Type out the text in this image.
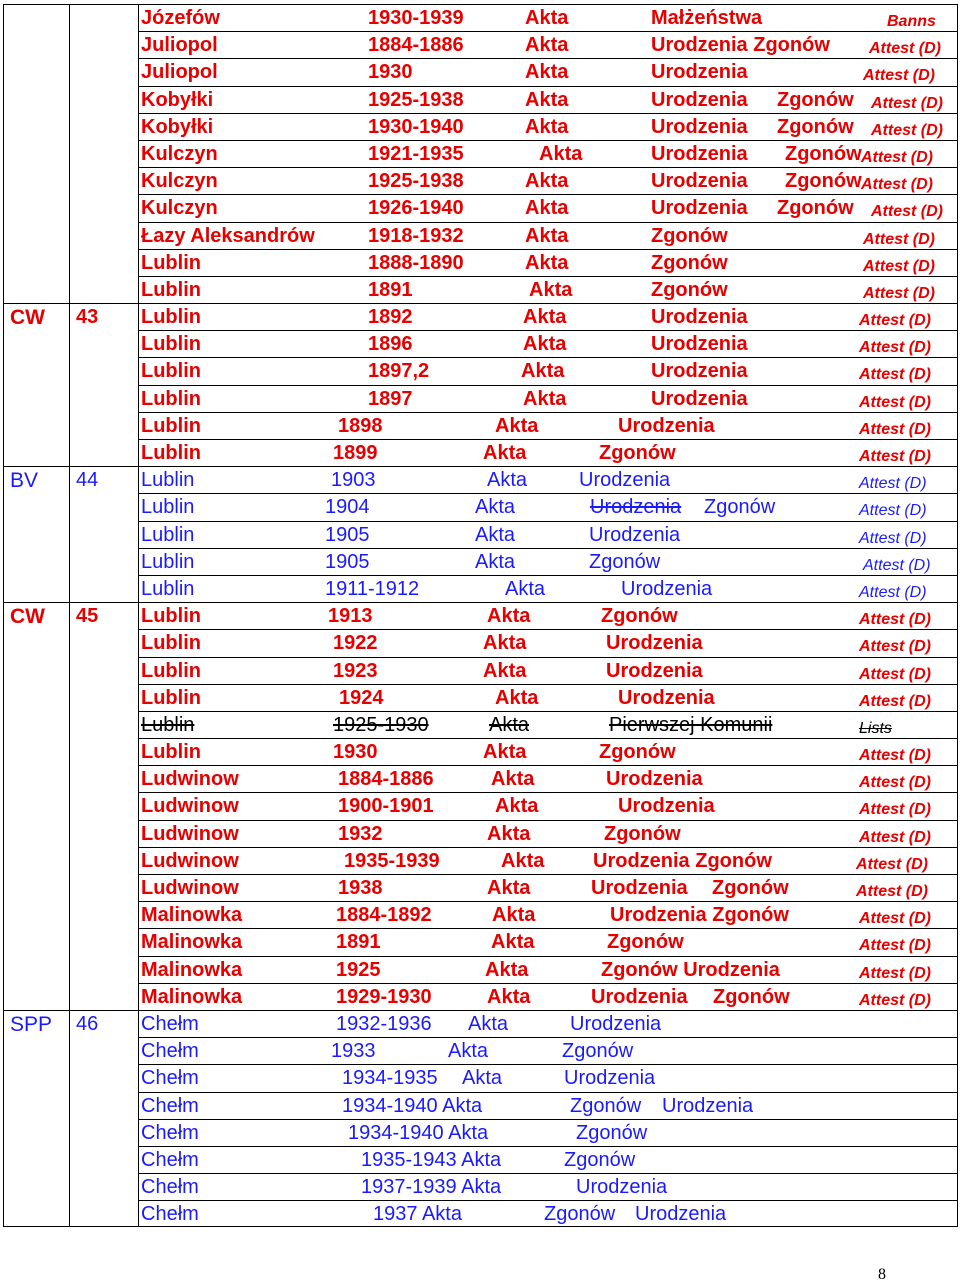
Józefów	1930-1939	Akta	Małżeństwa	Banns
Juliopol	1884-1886	Akta	Urodzenia Zgonów Attest (D)
Juliopol	1930	Akta	Urodzenia	Attest (D)
Kobyłki	1925-1938	Akta	Urodzenia Zgonów Attest (D)
Kobyłki	1930-1940	Akta	Urodzenia Zgonów Attest (D)
Kulczyn	1921-1935	Akta	Urodzenia Zgonów Attest (D)
Kulczyn	1925-1938	Akta	Urodzenia Zgonów Attest (D)
Kulczyn	1926-1940	Akta	Urodzenia Zgonów Attest (D)
Łazy Aleksandrów	1918-1932	Akta	Zgonów	Attest (D)
Lublin	1888-1890	Akta	Zgonów	Attest (D)
Lublin	1891	Akta	Zgonów	Attest (D)
CW 43 Lublin	1892	Akta	Urodzenia	Attest (D)
Lublin	1896	Akta	Urodzenia	Attest (D)
Lublin	1897,2	Akta	Urodzenia	Attest (D)
Lublin	1897	Akta	Urodzenia	Attest (D)
Lublin	1898	Akta	Urodzenia	Attest (D)
Lublin	1899	Akta	Zgonów	Attest (D)
BV 44 Lublin	1903	Akta	Urodzenia	Attest (D)
Lublin	1904	Akta	Urodzenia Zgonów	Attest (D)
Lublin	1905	Akta	Urodzenia	Attest (D)
Lublin	1905	Akta	Zgonów	Attest (D)
Lublin	1911-1912	Akta	Urodzenia	Attest (D)
CW 45 Lublin	1913	Akta	Zgonów	Attest (D)
Lublin	1922	Akta	Urodzenia	Attest (D)
Lublin	1923	Akta	Urodzenia	Attest (D)
Lublin	1924	Akta	Urodzenia	Attest (D)
Lublin	1925-1930	Akta	Pierwszej Komunii	Lists
Lublin	1930	Akta	Zgonów	Attest (D)
Ludwinow	1884-1886	Akta	Urodzenia	Attest (D)
Ludwinow	1900-1901	Akta	Urodzenia	Attest (D)
Ludwinow	1932	Akta	Zgonów	Attest (D)
Ludwinow	1935-1939	Akta Urodzenia Zgonów	Attest (D)
Ludwinow	1938	Akta	Urodzenia Zgonów	Attest (D)
Malinowka	1884-1892	Akta	Urodzenia Zgonów	Attest (D)
Malinowka	1891	Akta	Zgonów	Attest (D)
Malinowka	1925	Akta	Zgonów Urodzenia	Attest (D)
Malinowka	1929-1930	Akta	Urodzenia Zgonów	Attest (D)
SPP 46 Chełm	1932-1936 Akta	Urodzenia
Chełm	1933	Akta	Zgonów
Chełm	1934-1935 Akta	Urodzenia
Chełm	1934-1940 Akta	Zgonów Urodzenia
Chełm	1934-1940 Akta	Zgonów
Chełm	1935-1943 Akta	Zgonów
Chełm	1937-1939 Akta	Urodzenia
Chełm	1937 Akta	Zgonów Urodzenia
8
